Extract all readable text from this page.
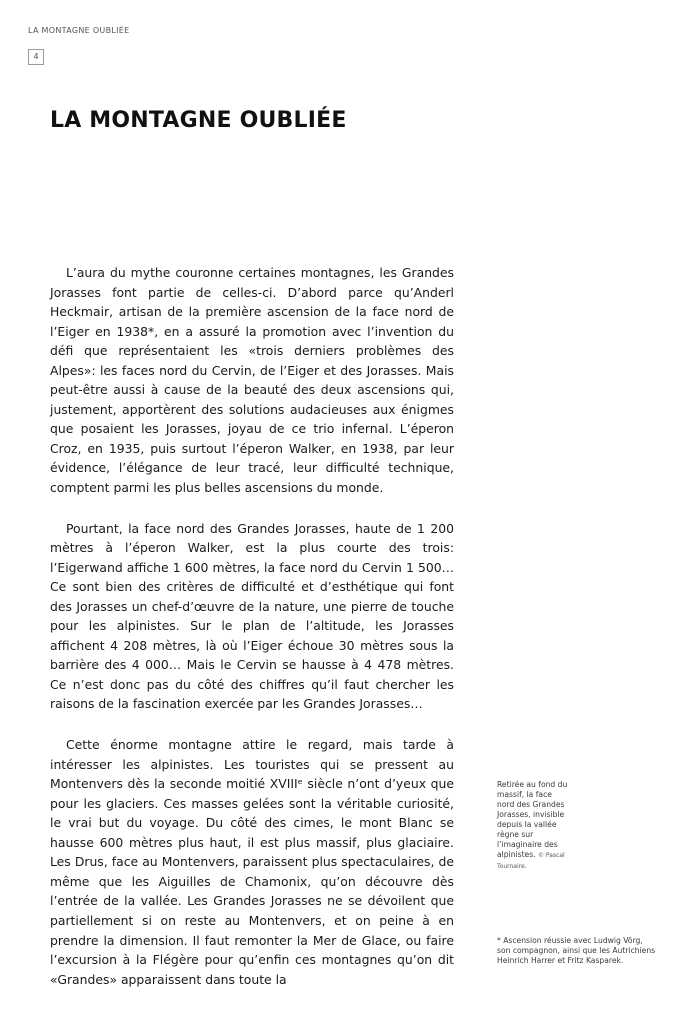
LA MONTAGNE OUBLIÉE
4
LA MONTAGNE OUBLIÉE

L’aura du mythe couronne certaines montagnes, les Grandes Jorasses font partie de celles-ci. D’abord parce qu’Anderl Heckmair, artisan de la première ascension de la face nord de l’Eiger en 1938*, en a assuré la promotion avec l’invention du défi que représentaient les «trois derniers problèmes des Alpes»: les faces nord du Cervin, de l’Eiger et des Jorasses. Mais peut-être aussi à cause de la beauté des deux ascensions qui, justement, apportèrent des solutions audacieuses aux énigmes que posaient les Jorasses, joyau de ce trio infernal. L’éperon Croz, en 1935, puis surtout l’éperon Walker, en 1938, par leur évidence, l’élégance de leur tracé, leur difficulté technique, comptent parmi les plus belles ascensions du monde.

Pourtant, la face nord des Grandes Jorasses, haute de 1 200 mètres à l’éperon Walker, est la plus courte des trois: l’Eigerwand affiche 1 600 mètres, la face nord du Cervin 1 500… Ce sont bien des critères de difficulté et d’esthétique qui font des Jorasses un chef-d’œuvre de la nature, une pierre de touche pour les alpinistes. Sur le plan de l’altitude, les Jorasses affichent 4 208 mètres, là où l’Eiger échoue 30 mètres sous la barrière des 4 000… Mais le Cervin se hausse à 4 478 mètres. Ce n’est donc pas du côté des chiffres qu’il faut chercher les raisons de la fascination exercée par les Grandes Jorasses…

Cette énorme montagne attire le regard, mais tarde à intéresser les alpinistes. Les touristes qui se pressent au Montenvers dès la seconde moitié XVIIIᵉ siècle n’ont d’yeux que pour les glaciers. Ces masses gelées sont la véritable curiosité, le vrai but du voyage. Du côté des cimes, le mont Blanc se hausse 600 mètres plus haut, il est plus massif, plus glaciaire. Les Drus, face au Montenvers, paraissent plus spectaculaires, de même que les Aiguilles de Chamonix, qu’on découvre dès l’entrée de la vallée. Les Grandes Jorasses ne se dévoilent que partiellement si on reste au Montenvers, et on peine à en prendre la dimension. Il faut remonter la Mer de Glace, ou faire l’excursion à la Flégère pour qu’enfin ces montagnes qu’on dit «Grandes» apparaissent dans toute la

Retirée au fond du massif, la face nord des Grandes Jorasses, invisible depuis la vallée règne sur l’imaginaire des alpinistes. © Pascal Tournaire.
* Ascension réussie avec Ludwig Vörg, son compagnon, ainsi que les Autrichiens Heinrich Harrer et Fritz Kasparek.
